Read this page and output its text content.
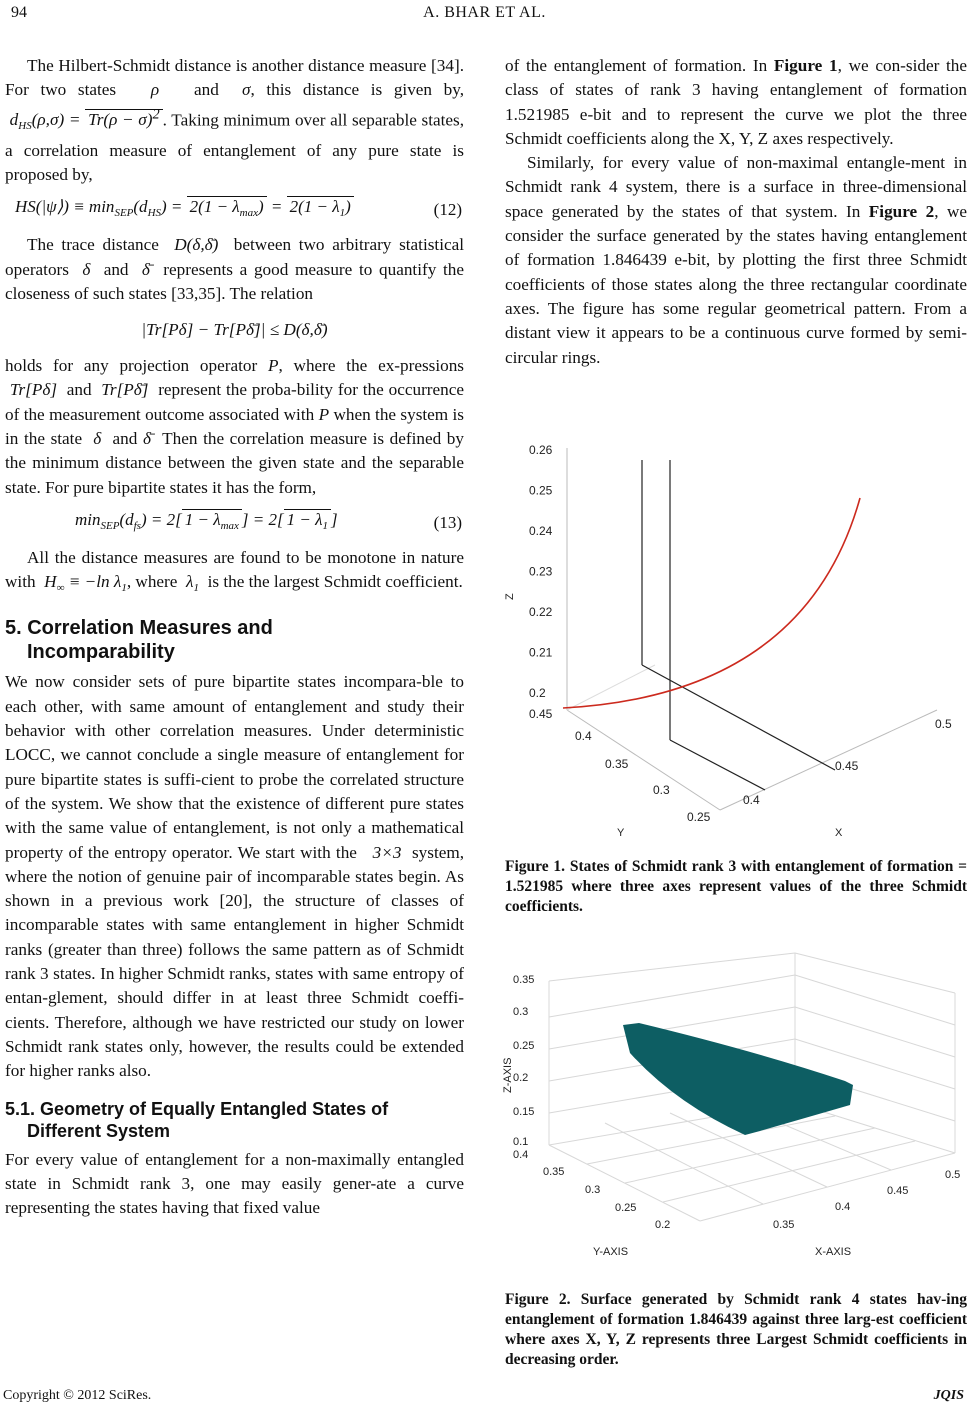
94	A. BHAR ET AL.

The Hilbert-Schmidt distance is another distance measure [34]. For two states   ρ   and  σ, this distance is given by,  $d_{HS}(\rho,\sigma) = Tr(\rho - \sigma)^2$ . Taking minimum over all separable states, a correlation measure of entanglement of any pure state is proposed by,

HS(|ψ⟩) ≡ $\min_{SEP}(d_{HS}) = 2(1 - \lambda_{max}) = 2(1 - \lambda_1)$	(12)

The trace distance  D(δ,δ̄)  between two arbitrary statistical operators  δ  and  δ̄  represents a good measure to quantify the closeness of such states [33,35]. The relation

|Tr[Pδ] − Tr[Pδ̄]| ≤ D(δ,δ̄)

holds for any projection operator P, where the ex-pressions  Tr[Pδ]  and  Tr[Pδ̄]  represent the proba-bility for the occurrence of the measurement outcome associated with P when the system is in the state  δ  and δ̄  Then the correlation measure is defined by the minimum distance between the given state and the separable state. For pure bipartite states it has the form,

$\min_{SEP}(d_{fs}) = 2$[ $1 - \lambda_{max}$ ] = 2[ $1 - \lambda_1$ ]	(13)

All the distance measures are found to be monotone in nature with  $H_\infty \equiv -\ln$ $\lambda_1$, where  $\lambda_1$ is the the largest Schmidt coefficient.

5. Correlation Measures and
Incomparability

We now consider sets of pure bipartite states incompara-ble to each other, with same amount of entanglement and study their behavior with other correlation measures. Under deterministic LOCC, we cannot conclude a single measure of entanglement for pure bipartite states is suffi-cient to probe the correlated structure of the system. We show that the existence of different pure states with the same value of entanglement, is not only a mathematical property of the entropy operator. We start with the   3×3  system, where the notion of genuine pair of incomparable states begin. As shown in a previous work [20], the structure of classes of incomparable states with same entanglement in higher Schmidt ranks (greater than three) follows the same pattern as of Schmidt rank 3 states. In higher Schmidt ranks, states with same entropy of entan-glement, should differ in at least three Schmidt coeffi-cients. Therefore, although we have restricted our study on lower Schmidt rank states only, however, the results could be extended for higher ranks also.

5.1. Geometry of Equally Entangled States of
Different System

For every value of entanglement for a non-maximally entangled state in Schmidt rank 3, one may easily gener-ate a curve representing the states having that fixed value

of the entanglement of formation. In Figure 1, we con-sider the class of states of rank 3 having entanglement of formation 1.521985 e-bit and to represent the curve we plot the three Schmidt coefficients along the X, Y, Z axes respectively.

Similarly, for every value of non-maximal entangle-ment in Schmidt rank 4 system, there is a surface in three-dimensional space generated by the states of that system. In Figure 2, we consider the surface generated by the states having entanglement of formation 1.846439 e-bit, by plotting the first three Schmidt coefficients of those states along the three rectangular coordinate axes. The figure has some regular geometrical pattern. From a distant view it appears to be a continuous curve formed by semi-circular rings.

0.26
0.25
0.24
0.23
0.22
0.21
0.2
0.45
0.4
0.35
0.3
0.25
0.4
0.45
0.5
Z
Y	X
Figure 1. States of Schmidt rank 3 with entanglement of formation = 1.521985 where three axes represent values of the three Schmidt coefficients.
0.35
0.3
0.25
0.2
0.15
0.1
0.4
0.35
0.3
0.25
0.2	0.35
0.4
0.45
0.5
Z-AXIS
Y-AXIS	X-AXIS
Figure 2. Surface generated by Schmidt rank 4 states hav-ing entanglement of formation 1.846439 against three larg-est coefficient where axes X, Y, Z represents three Largest Schmidt coefficients in decreasing order.
Copyright © 2012 SciRes.	JQIS
